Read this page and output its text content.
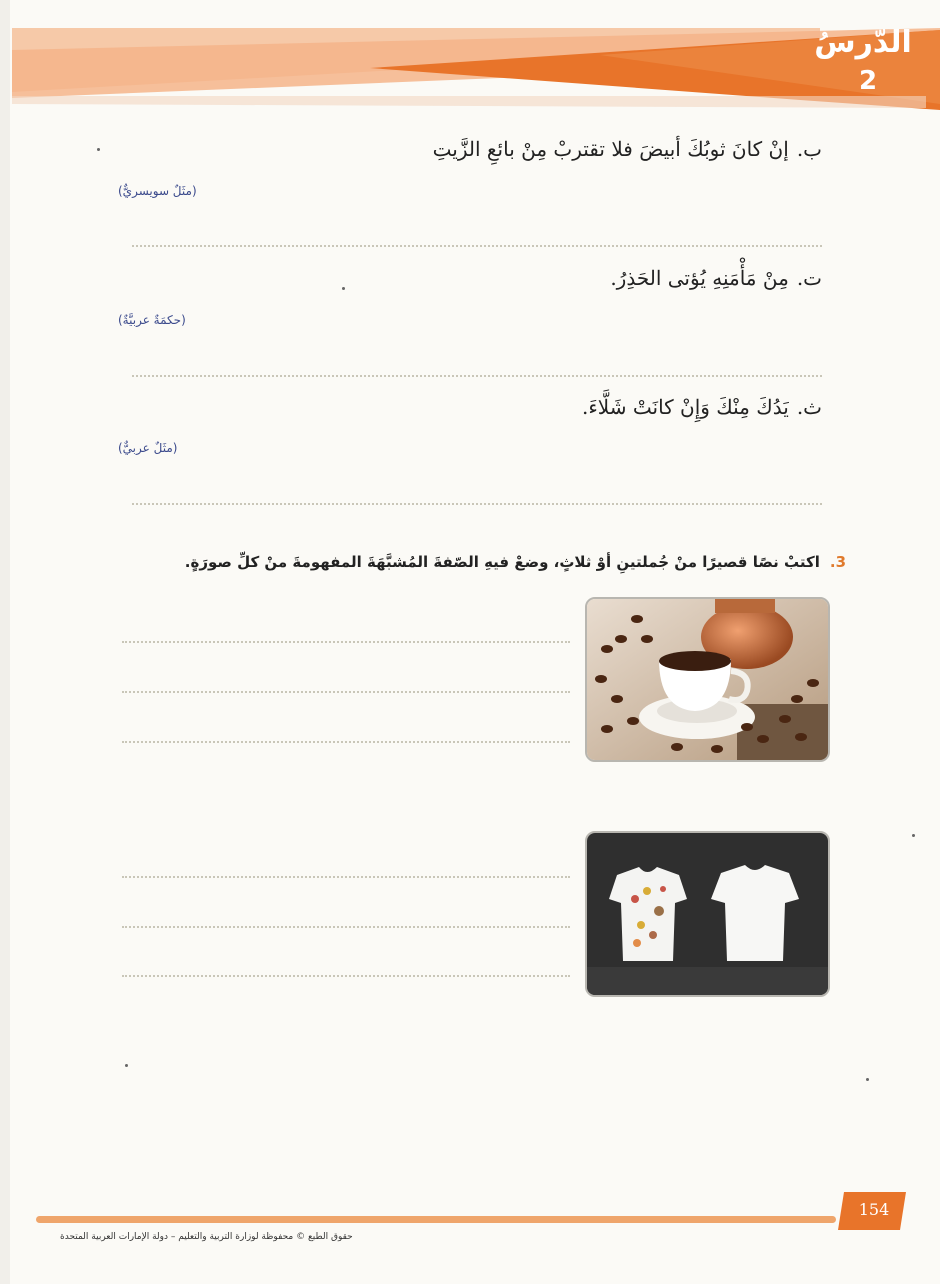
الدّرسُ
2
ب.إنْ كانَ ثوبُكَ أبيضَ فلا تقتربْ مِنْ بائعِ الزَّيتِ
(مثَلٌ سويسريٌّ)
ت.مِنْ مَأْمَنِهِ يُؤتى الحَذِرُ.
(حكمَةٌ عربيَّةٌ)
ث.يَدُكَ مِنْكَ وَإِنْ كانَتْ شَلَّاءَ.
(مثَلٌ عربيٌّ)
3.اكتبْ نصًا قصيرًا منْ جُملتينِ أوْ ثلاثٍ، وضعْ فيهِ الصّفةَ المُشبَّهَةَ المفهومةَ منْ كلِّ صورَةٍ.
154
حقوق الطبع © محفوظة لوزارة التربية والتعليم – دولة الإمارات العربية المتحدة
